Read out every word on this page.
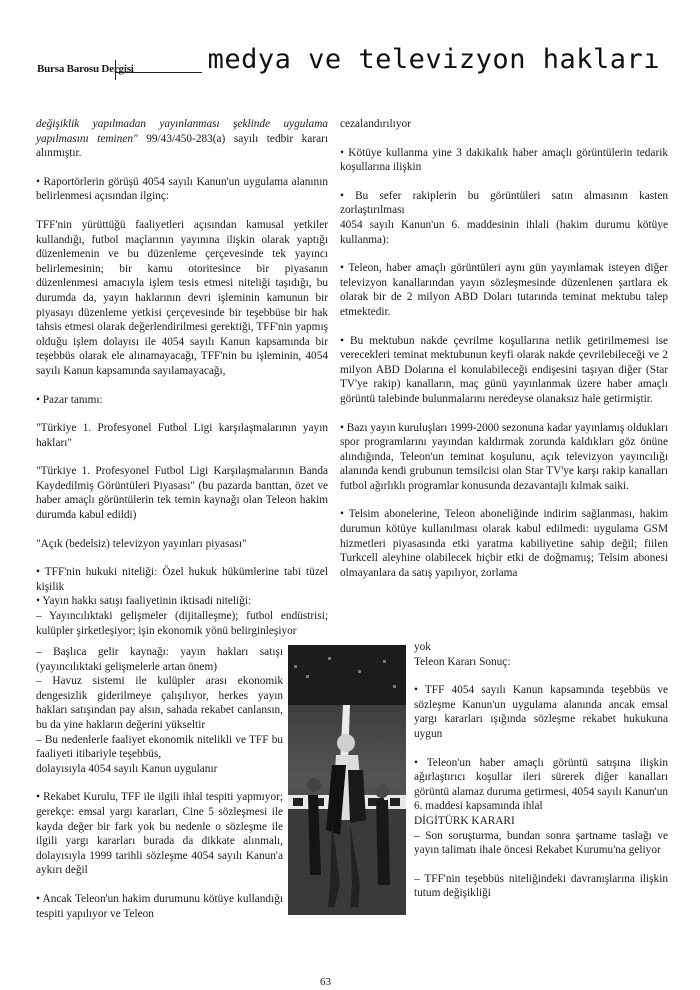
Bursa Barosu Dergisi	medya ve televizyon hakları

değişiklik yapılmadan yayınlanması şeklinde uygulama yapılmasını teminen" 99/43/450-283(a) sayılı tedbir kararı alınmıştır.

• Raportörlerin görüşü 4054 sayılı Kanun'un uygulama alanının belirlenmesi açısından ilginç:

TFF'nin yürüttüğü faaliyetleri açısından kamusal yetkiler kullandığı, futbol maçlarının yayınına ilişkin olarak yaptığı düzenlemenin ve bu düzenleme çerçevesinde tek yayıncı belirlemesinin; bir kamu otoritesince bir piyasanın düzenlenmesi amacıyla işlem tesis etmesi niteliği taşıdığı, bu durumda da, yayın haklarının devri işleminin kamunun bir piyasayı düzenleme yetkisi çerçevesinde bir teşebbüse bir hak tahsis etmesi olarak değerlendirilmesi gerektiği, TFF'nin yapmış olduğu işlem dolayısı ile 4054 sayılı Kanun kapsamında bir teşebbüs olarak ele alınamayacağı, TFF'nin bu işleminin, 4054 sayılı Kanun kapsamında sayılamayacağı,

• Pazar tanımı:

"Türkiye 1. Profesyonel Futbol Ligi karşılaşmalarının yayın hakları"

"Türkiye 1. Profesyonel Futbol Ligi Karşılaşmalarının Banda Kaydedilmiş Görüntüleri Piyasası" (bu pazarda banttan, özet ve haber amaçlı görüntülerin tek temin kaynağı olan Teleon hakim durumda kabul edildi)

"Açık (bedelsiz) televizyon yayınları piyasası"

• TFF'nin hukuki niteliği: Özel hukuk hükümlerine tabi tüzel kişilik

• Yayın hakkı satışı faaliyetinin iktisadi niteliği:

– Yayıncılıktaki gelişmeler (dijitalleşme); futbol endüstrisi; kulüpler şirketleşiyor; işin ekonomik yönü belirginleşiyor

– Başlıca gelir kaynağı: yayın hakları satışı (yayıncılıktaki gelişmelerle artan önem)

– Havuz sistemi ile kulüpler arası ekonomik dengesizlik giderilmeye çalışılıyor, herkes yayın hakları satışından pay alsın, sahada rekabet canlansın, bu da yine hakların değerini yükseltir

– Bu nedenlerle faaliyet ekonomik nitelikli ve TFF bu faaliyeti itibariyle teşebbüs,

dolayısıyla 4054 sayılı Kanun uygulanır

• Rekabet Kurulu, TFF ile ilgili ihlal tespiti yapmıyor; gerekçe: emsal yargı kararları, Cine 5 sözleşmesi ile kayda değer bir fark yok bu nedenle o sözleşme ile ilgili yargı kararları burada da dikkate alınmalı, dolayısıyla 1999 tarihli sözleşme 4054 sayılı Kanun'a aykırı değil

• Ancak Teleon'un hakim durumunu kötüye kullandığı tespiti yapılıyor ve Teleon

cezalandırılıyor

• Kötüye kullanma yine 3 dakikalık haber amaçlı görüntülerin tedarik koşullarına ilişkin

• Bu sefer rakiplerin bu görüntüleri satın almasının kasten zorlaştırılması

4054 sayılı Kanun'un 6. maddesinin ihlali (hakim durumu kötüye kullanma):

• Teleon, haber amaçlı görüntüleri aynı gün yayınlamak isteyen diğer televizyon kanallarından yayın sözleşmesinde düzenlenen şartlara ek olarak bir de 2 milyon ABD Doları tutarında teminat mektubu talep etmektedir.

• Bu mektubun nakde çevrilme koşullarına netlik getirilmemesi ise verecekleri teminat mektubunun keyfi olarak nakde çevrilebileceği ve 2 milyon ABD Dolarına el konulabileceği endişesini taşıyan diğer (Star TV'ye rakip) kanalların, maç günü yayınlanmak üzere haber amaçlı görüntü talebinde bulunmalarını neredeyse olanaksız hale getirmiştir.

• Bazı yayın kuruluşları 1999-2000 sezonuna kadar yayınlamış oldukları spor programlarını yayından kaldırmak zorunda kaldıkları göz önüne alındığında, Teleon'un teminat koşulunu, açık televizyon yayıncılığı alanında kendi grubunun temsilcisi olan Star TV'ye karşı rakip kanalları futbol ağırlıklı programlar konusunda dezavantajlı kılmak saiki.

• Telsim abonelerine, Teleon aboneliğinde indirim sağlanması, hakim durumun kötüye kullanılması olarak kabul edilmedi: uygulama GSM hizmetleri piyasasında etki yaratma kabiliyetine sahip değil; fiilen Turkcell aleyhine olabilecek hiçbir etki de doğmamış; Telsim abonesi olmayanlara da satış yapılıyor, zorlama

yok

Teleon Kararı Sonuç:

• TFF 4054 sayılı Kanun kapsamında teşebbüs ve sözleşme Kanun'un uygulama alanında ancak emsal yargı kararları ışığında sözleşme rekabet hukukuna uygun

• Teleon'un haber amaçlı görüntü satışına ilişkin ağırlaştırıcı koşullar ileri sürerek diğer kanalları görüntü alamaz duruma getirmesi, 4054 sayılı Kanun'un 6. maddesi kapsamında ihlal

DİGİTÜRK KARARI

– Son soruşturma, bundan sonra şartname taslağı ve yayın talimatı ihale öncesi Rekabet Kurumu'na geliyor

– TFF'nin teşebbüs niteliğindeki davranışlarına ilişkin tutum değişikliği

63
